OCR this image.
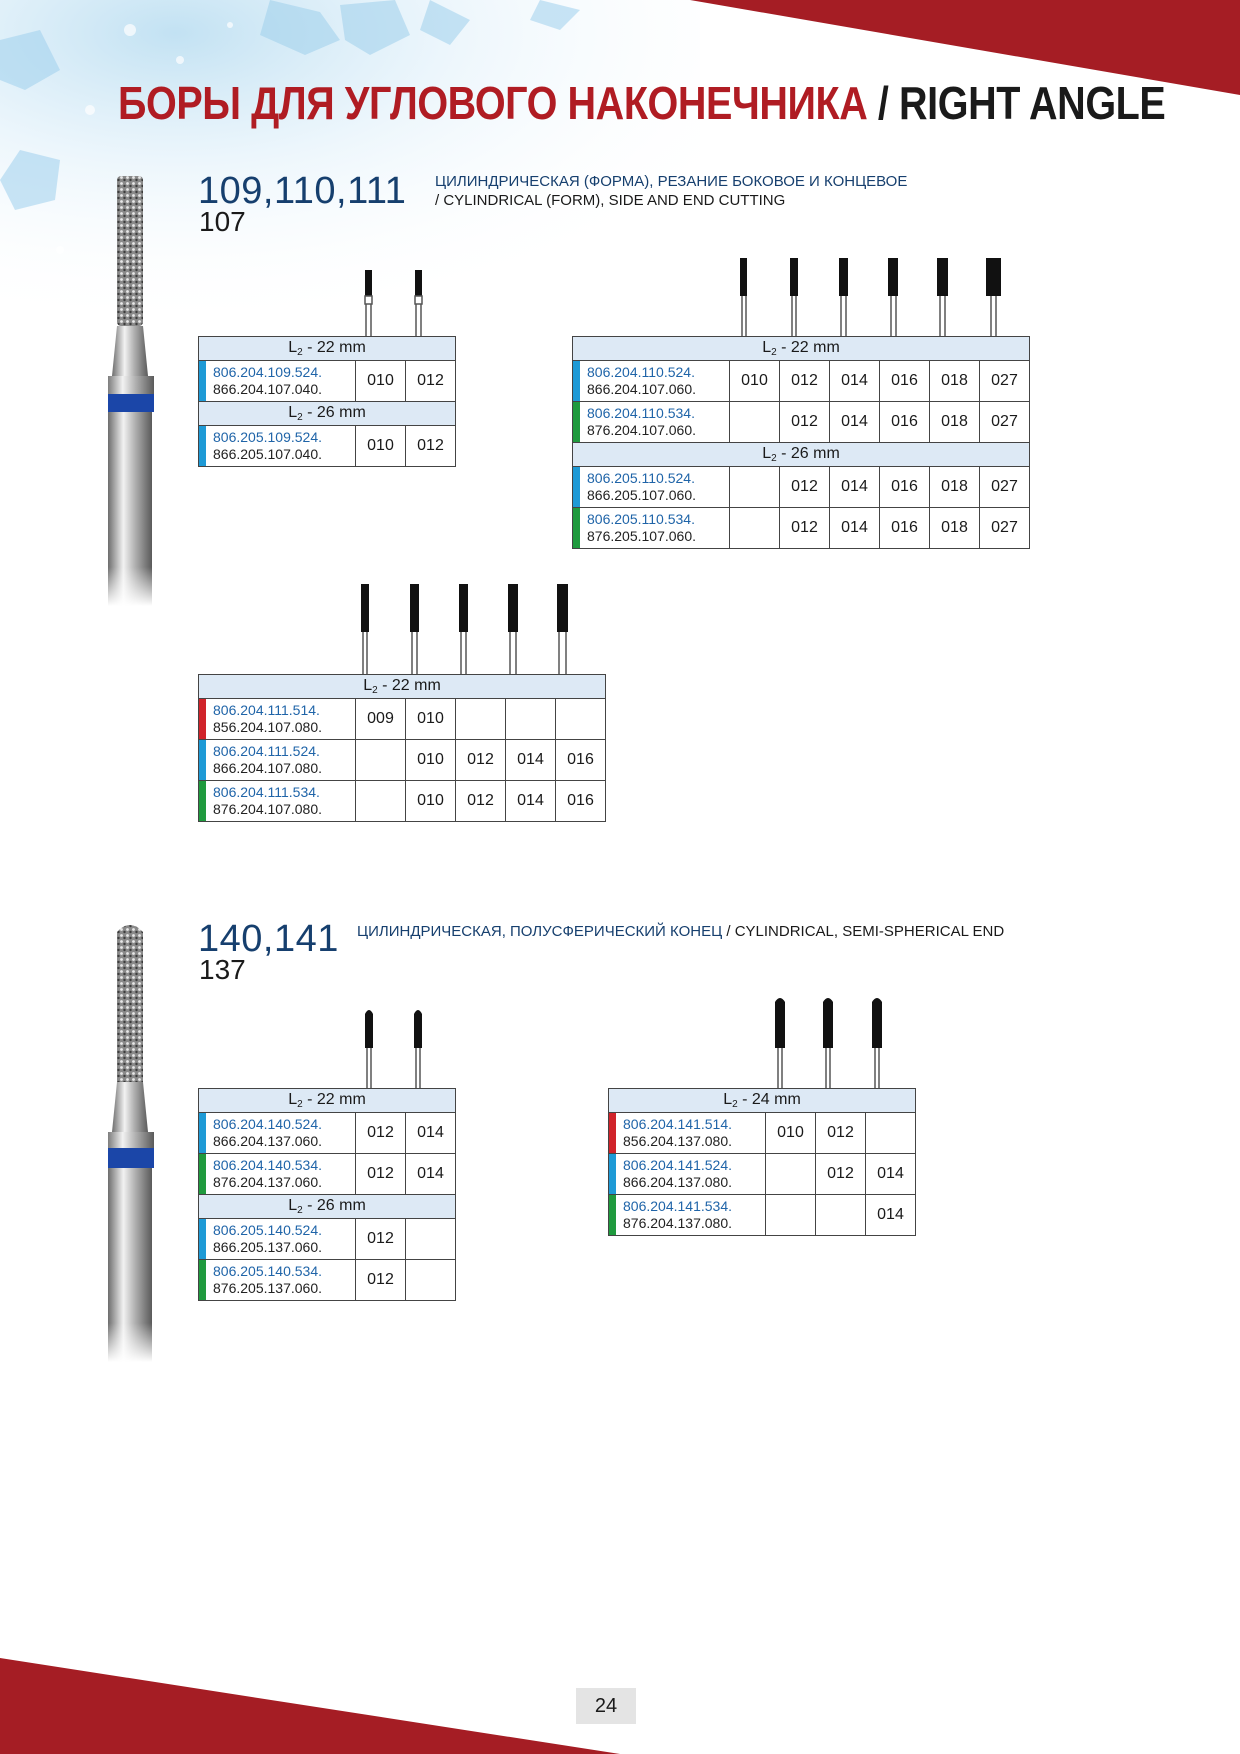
БОРЫ ДЛЯ УГЛОВОГО НАКОНЕЧНИКА / RIGHT ANGLE
109,110,111
107
ЦИЛИНДРИЧЕСКАЯ (ФОРМА), РЕЗАНИЕ БОКОВОЕ И КОНЦЕВОЕ
/ CYLINDRICAL (FORM), SIDE AND END CUTTING
$L_2 - 22$ mm		

806.204.109.524.
866.204.107.040.	010	012
$L_2 - 26$ mm		

806.205.109.524.
866.205.107.040.	010	012
$L_2 - 22$ mm						

806.204.110.524.
866.204.107.060.	010	012	014	016	018	027

806.204.110.534.
876.204.107.060.		012	014	016	018	027
$L_2 - 26$ mm						

806.205.110.524.
866.205.107.060.		012	014	016	018	027

806.205.110.534.
876.205.107.060.		012	014	016	018	027
$L_2 - 22$ mm					

806.204.111.514.
856.204.107.080.	009	010			

806.204.111.524.
866.204.107.080.		010	012	014	016

806.204.111.534.
876.204.107.080.		010	012	014	016
140,141
137
ЦИЛИНДРИЧЕСКАЯ, ПОЛУСФЕРИЧЕСКИЙ КОНЕЦ / CYLINDRICAL, SEMI-SPHERICAL END
$L_2 - 22$ mm		

806.204.140.524.
866.204.137.060.	012	014

806.204.140.534.
876.204.137.060.	012	014
$L_2 - 26$ mm		

806.205.140.524.
866.205.137.060.	012	

806.205.140.534.
876.205.137.060.	012	
$L_2 - 24$ mm			

806.204.141.514.
856.204.137.080.	010	012	

806.204.141.524.
866.204.137.080.		012	014

806.204.141.534.
876.204.137.080.			014
24
